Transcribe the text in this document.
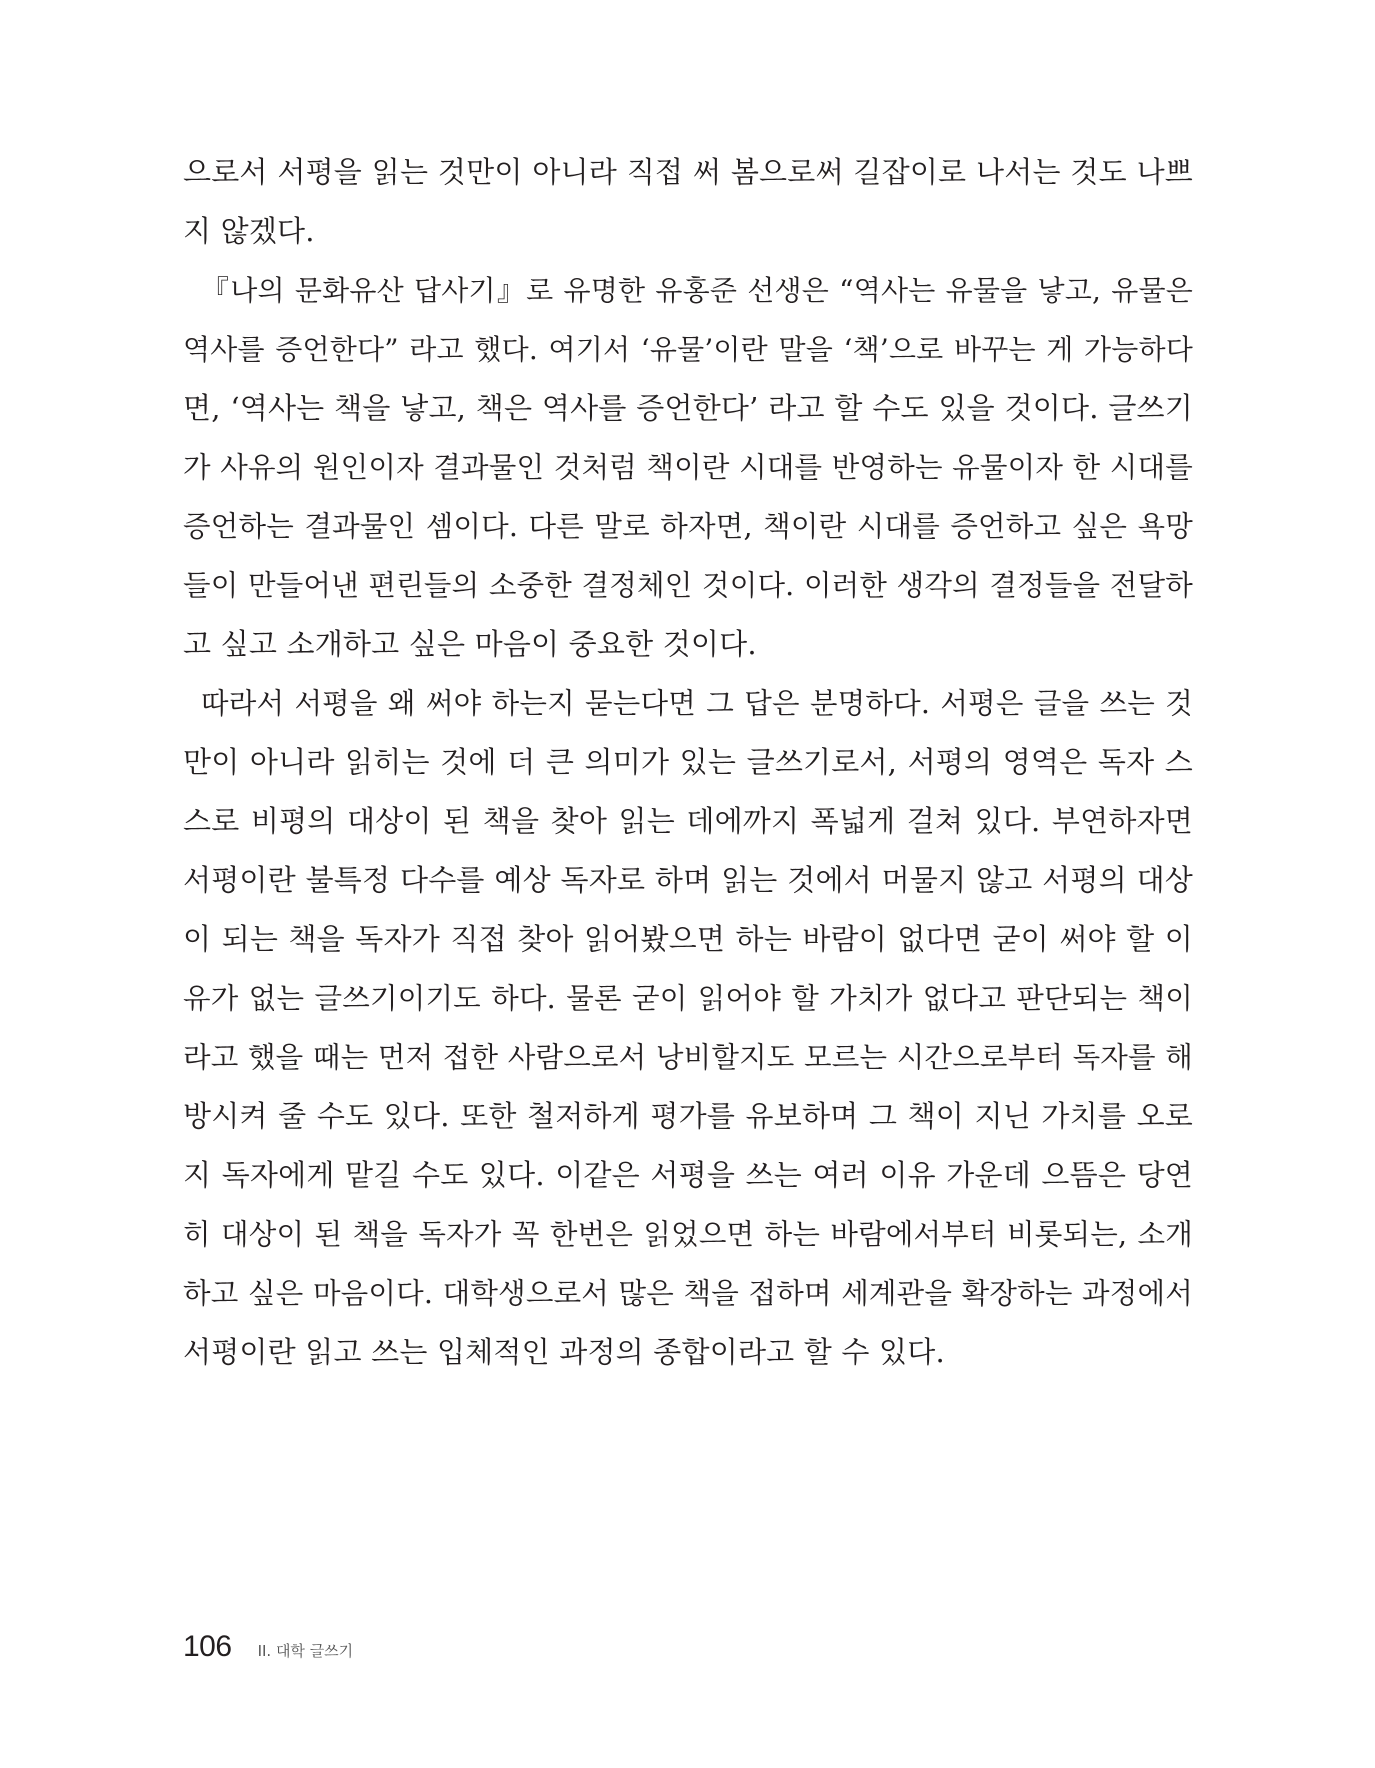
으로서 서평을 읽는 것만이 아니라 직접 써 봄으로써 길잡이로 나서는 것도 나쁘
지 않겠다.
『나의 문화유산 답사기』로 유명한 유홍준 선생은 “역사는 유물을 낳고, 유물은
역사를 증언한다” 라고 했다. 여기서 ‘유물’이란 말을 ‘책’으로 바꾸는 게 가능하다
면, ‘역사는 책을 낳고, 책은 역사를 증언한다’ 라고 할 수도 있을 것이다. 글쓰기
가 사유의 원인이자 결과물인 것처럼 책이란 시대를 반영하는 유물이자 한 시대를
증언하는 결과물인 셈이다. 다른 말로 하자면, 책이란 시대를 증언하고 싶은 욕망
들이 만들어낸 편린들의 소중한 결정체인 것이다. 이러한 생각의 결정들을 전달하
고 싶고 소개하고 싶은 마음이 중요한 것이다.
따라서 서평을 왜 써야 하는지 묻는다면 그 답은 분명하다. 서평은 글을 쓰는 것
만이 아니라 읽히는 것에 더 큰 의미가 있는 글쓰기로서, 서평의 영역은 독자 스
스로 비평의 대상이 된 책을 찾아 읽는 데에까지 폭넓게 걸쳐 있다. 부연하자면
서평이란 불특정 다수를 예상 독자로 하며 읽는 것에서 머물지 않고 서평의 대상
이 되는 책을 독자가 직접 찾아 읽어봤으면 하는 바람이 없다면 굳이 써야 할 이
유가 없는 글쓰기이기도 하다. 물론 굳이 읽어야 할 가치가 없다고 판단되는 책이
라고 했을 때는 먼저 접한 사람으로서 낭비할지도 모르는 시간으로부터 독자를 해
방시켜 줄 수도 있다. 또한 철저하게 평가를 유보하며 그 책이 지닌 가치를 오로
지 독자에게 맡길 수도 있다. 이같은 서평을 쓰는 여러 이유 가운데 으뜸은 당연
히 대상이 된 책을 독자가 꼭 한번은 읽었으면 하는 바람에서부터 비롯되는, 소개
하고 싶은 마음이다. 대학생으로서 많은 책을 접하며 세계관을 확장하는 과정에서
서평이란 읽고 쓰는 입체적인 과정의 종합이라고 할 수 있다.
106 II. 대학 글쓰기
